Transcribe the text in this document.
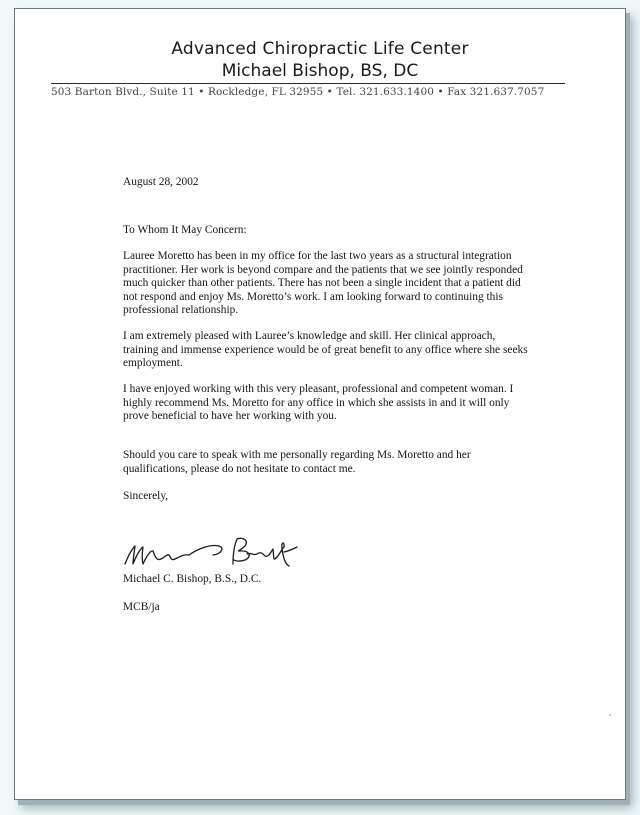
Advanced Chiropractic Life Center
Michael Bishop, BS, DC
503 Barton Blvd., Suite 11 • Rockledge, FL 32955 • Tel. 321.633.1400 • Fax 321.637.7057
August 28, 2002
To Whom It May Concern:
Lauree Moretto has been in my office for the last two years as a structural integration practitioner. Her work is beyond compare and the patients that we see jointly responded much quicker than other patients. There has not been a single incident that a patient did not respond and enjoy Ms. Moretto’s work. I am looking forward to continuing this professional relationship.
I am extremely pleased with Lauree’s knowledge and skill. Her clinical approach, training and immense experience would be of great benefit to any office where she seeks employment.
I have enjoyed working with this very pleasant, professional and competent woman. I highly recommend Ms. Moretto for any office in which she assists in and it will only prove beneficial to have her working with you.
Should you care to speak with me personally regarding Ms. Moretto and her qualifications, please do not hesitate to contact me.
Sincerely,
Michael C. Bishop, B.S., D.C.
MCB/ja
